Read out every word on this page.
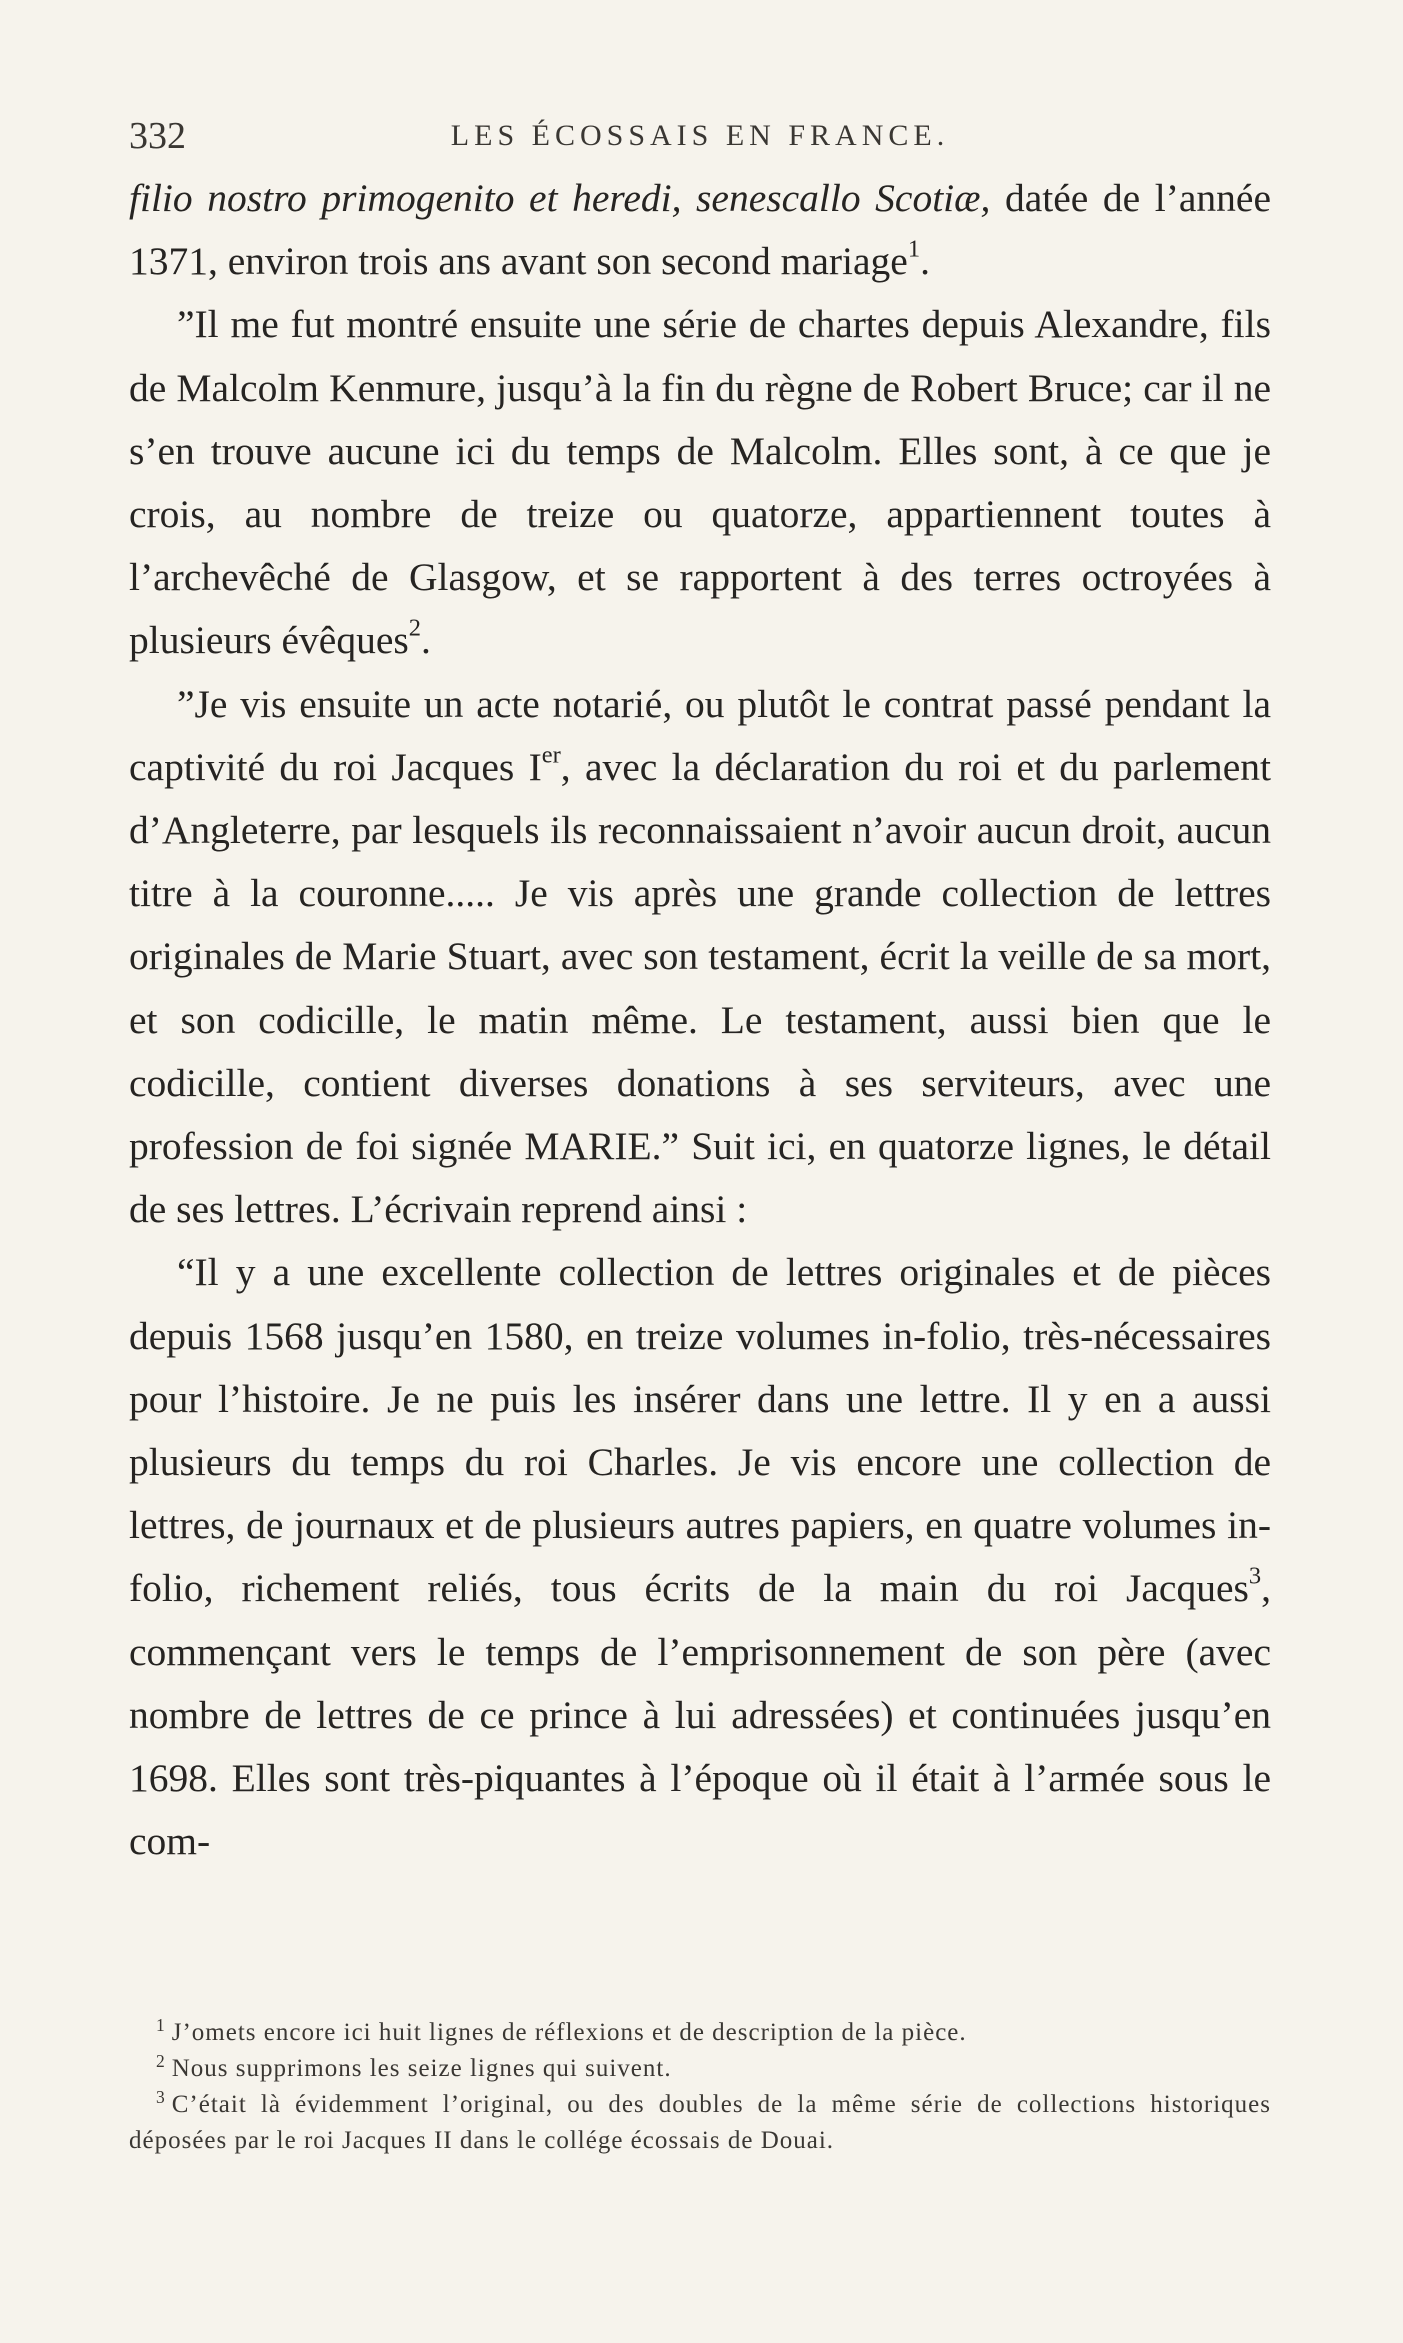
332	LES ÉCOSSAIS EN FRANCE.

filio nostro primogenito et heredi, senescallo Scotiæ, datée de l’année 1371, environ trois ans avant son second mariage$^1$.

”Il me fut montré ensuite une série de chartes depuis Alexandre, fils de Malcolm Kenmure, jusqu’à la fin du règne de Robert Bruce; car il ne s’en trouve aucune ici du temps de Malcolm. Elles sont, à ce que je crois, au nombre de treize ou quatorze, appartiennent toutes à l’archevêché de Glasgow, et se rapportent à des terres octroyées à plusieurs évêques$^2$.

”Je vis ensuite un acte notarié, ou plutôt le contrat passé pendant la captivité du roi Jacques Ier, avec la déclaration du roi et du parlement d’Angleterre, par lesquels ils reconnaissaient n’avoir aucun droit, aucun titre à la couronne..... Je vis après une grande collection de lettres originales de Marie Stuart, avec son testament, écrit la veille de sa mort, et son codicille, le matin même. Le testament, aussi bien que le codicille, contient diverses donations à ses serviteurs, avec une profession de foi signée MARIE.” Suit ici, en quatorze lignes, le détail de ses lettres. L’écrivain reprend ainsi :

“Il y a une excellente collection de lettres originales et de pièces depuis 1568 jusqu’en 1580, en treize volumes in-folio, très-nécessaires pour l’histoire. Je ne puis les insérer dans une lettre. Il y en a aussi plusieurs du temps du roi Charles. Je vis encore une collection de lettres, de journaux et de plusieurs autres papiers, en quatre volumes in-folio, richement reliés, tous écrits de la main du roi Jacques$^3$, commençant vers le temps de l’emprisonnement de son père (avec nombre de lettres de ce prince à lui adressées) et continuées jusqu’en 1698. Elles sont très-piquantes à l’époque où il était à l’armée sous le com-

$^1$ J’omets encore ici huit lignes de réflexions et de description de la pièce.

$^2$ Nous supprimons les seize lignes qui suivent.

$^3$ C’était là évidemment l’original, ou des doubles de la même série de collections historiques déposées par le roi Jacques II dans le collége écossais de Douai.
